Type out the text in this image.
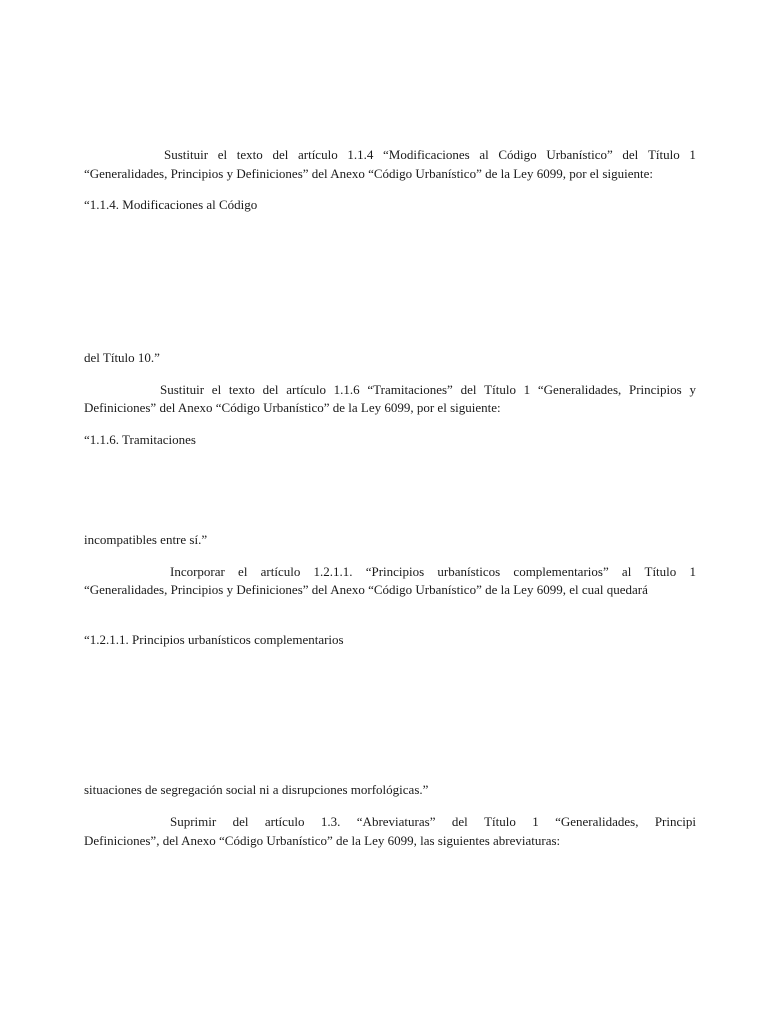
Sustituir el texto del artículo 1.1.4 “Modificaciones al Código Urbanístico” del Título 1
“Generalidades, Principios y Definiciones” del Anexo “Código Urbanístico” de la Ley 6099, por el siguiente:
“1.1.4. Modificaciones al Código
del Título 10.”
Sustituir el texto del artículo 1.1.6 “Tramitaciones” del Título 1 “Generalidades, Principios y
Definiciones” del Anexo “Código Urbanístico” de la Ley 6099, por el siguiente:
“1.1.6. Tramitaciones
incompatibles entre sí.”
Incorporar el artículo 1.2.1.1. “Principios urbanísticos complementarios” al Título 1
“Generalidades, Principios y Definiciones” del Anexo “Código Urbanístico” de la Ley 6099, el cual quedará
“1.2.1.1. Principios urbanísticos complementarios
situaciones de segregación social ni a disrupciones morfológicas.”
Suprimir del artículo 1.3. “Abreviaturas” del Título 1 “Generalidades, Principi
Definiciones”, del Anexo “Código Urbanístico” de la Ley 6099, las siguientes abreviaturas:
